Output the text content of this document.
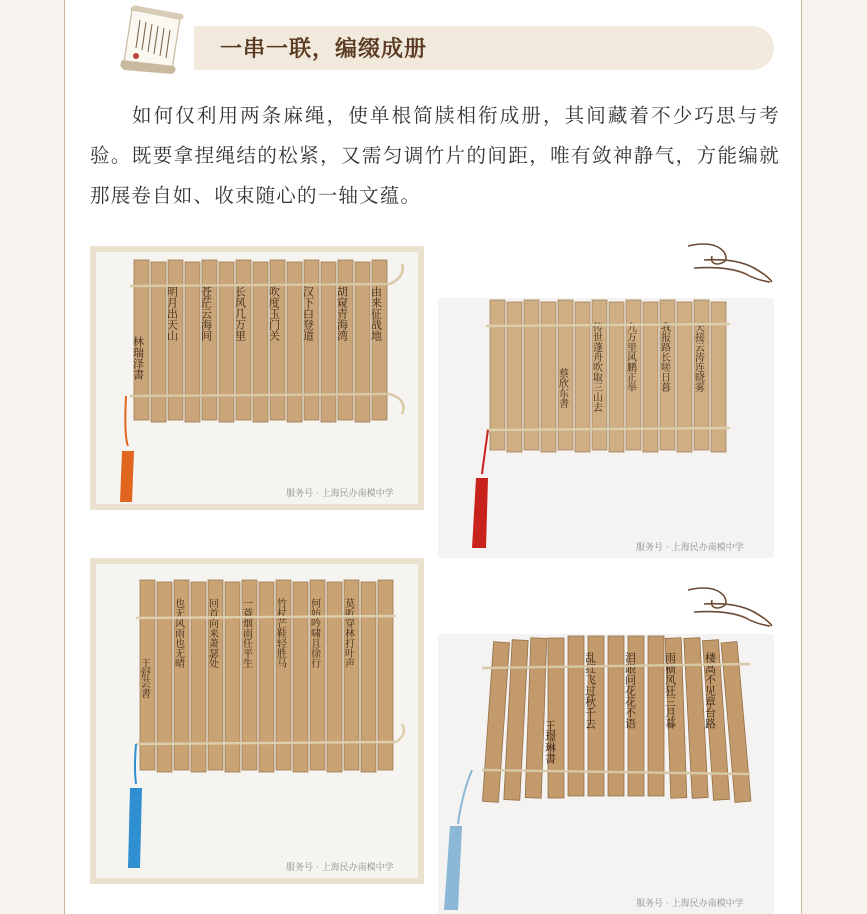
一串一联，编缀成册

如何仅利用两条麻绳，使单根简牍相衔成册，其间藏着不少巧思与考验。既要拿捏绳结的松紧，又需匀调竹片的间距，唯有敛神静气，方能编就那展卷自如、收束随心的一轴文蕴。

林瑞泽書
明月出天山 苍茫云海间 长风几万里 吹度玉门关 汉下白登道 胡窥青海湾 由来征战地
服务号 · 上海民办南模中学
蔡欣东書 传世蓬舟吹取三山去 九万里风鹏正举 我报路长嗟日暮 天接云涛连晓雾
服务号 · 上海民办南模中学
王舒芸書
也无风雨也无晴 回首向来萧瑟处 一蓑烟雨任平生 竹杖芒鞋轻胜马 何妨吟啸且徐行 莫听穿林打叶声
服务号 · 上海民办南模中学
王璟琳書
乱红飞过秋千去 泪眼问花花不语 雨横风狂三月暮 楼高不见章台路
服务号 · 上海民办南模中学
